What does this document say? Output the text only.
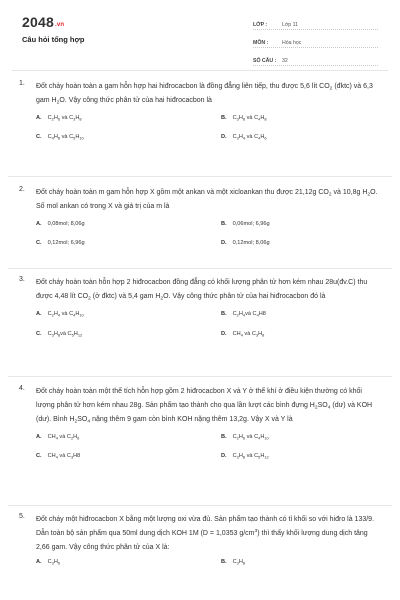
2048.vn
Câu hỏi tổng hợp
LỚP :	Lớp 11
MÔN :	Hóa học
SỐ CÂU :	32
1. Đốt cháy hoàn toàn a gam hỗn hợp hai hiđrocacbon là đồng đẳng liên tiếp, thu được 5,6 lít $CO_2$ (đktc) và 6,3 gam $H_2O$. Vậy công thức phân tử của hai hiđrocacbon là
A. $C_2H_6$ và $C_3H_8$	B. $C_3H_8$ và $C_4H_8$
C. $C_4H_8$ và $C_5H_{10}$	D. $C_3H_4$ và $C_4H_6$
2. Đốt cháy hoàn toàn m gam hỗn hợp X gồm một ankan và một xicloankan thu được 21,12g $CO_2$ và 10,8g $H_2O$. Số mol ankan có trong X và giá trị của m là
A. 0,08mol; 8,06g	B. 0,06mol; 6,96g
C. 0,12mol; 6,96g	D. 0,12mol; 8,06g
3. Đốt cháy hoàn toàn hỗn hợp 2 hiđrocacbon đồng đẳng có khối lượng phân tử hơn kém nhau 28u(đv.C) thu được 4,48 lít $CO_2$ (ở đktc) và 5,4 gam $H_2O$. Vậy công thức phân tử của hai hiđrocacbon đó là
A. $C_2H_4$ và $C_4H_{10}$	B. $C_2H_4và$ $C_4H8$
C. $C_3H_8và$ $C_5H_{12}$	D. $CH_4$ và $C_3H_8$
4. Đốt cháy hoàn toàn một thể tích hỗn hợp gồm 2 hiđrocacbon X và Y ở thể khí ở điều kiện thường có khối lượng phân tử hơn kém nhau 28g. Sản phẩm tạo thành cho qua lần lượt các bình đựng $H_2SO_4$ (dư) và KOH (dư). Bình $H_2SO_4$ nặng thêm 9 gam còn bình KOH nặng thêm 13,2g. Vậy X và Y là
A. $CH_4$ và $C_2H_6$	B. $C_2H_6$ và $C_4H_{10}$
C. $CH_4$ và $C_3H8$	D. $C_3H_8$ và $C_5H_{12}$
5. Đốt cháy một hiđrocacbon X bằng một lượng oxi vừa đủ. Sản phẩm tạo thành có tỉ khối so với hiđro là 133/9. Dẫn toàn bộ sản phẩm qua 50ml dung dịch KOH 1M (D = 1,0353 $g/cm^3$) thì thấy khối lượng dung dịch tăng 2,66 gam. Vậy công thức phân tử của X là:
A. $C_3H_6$	B. $C_3H_8$
